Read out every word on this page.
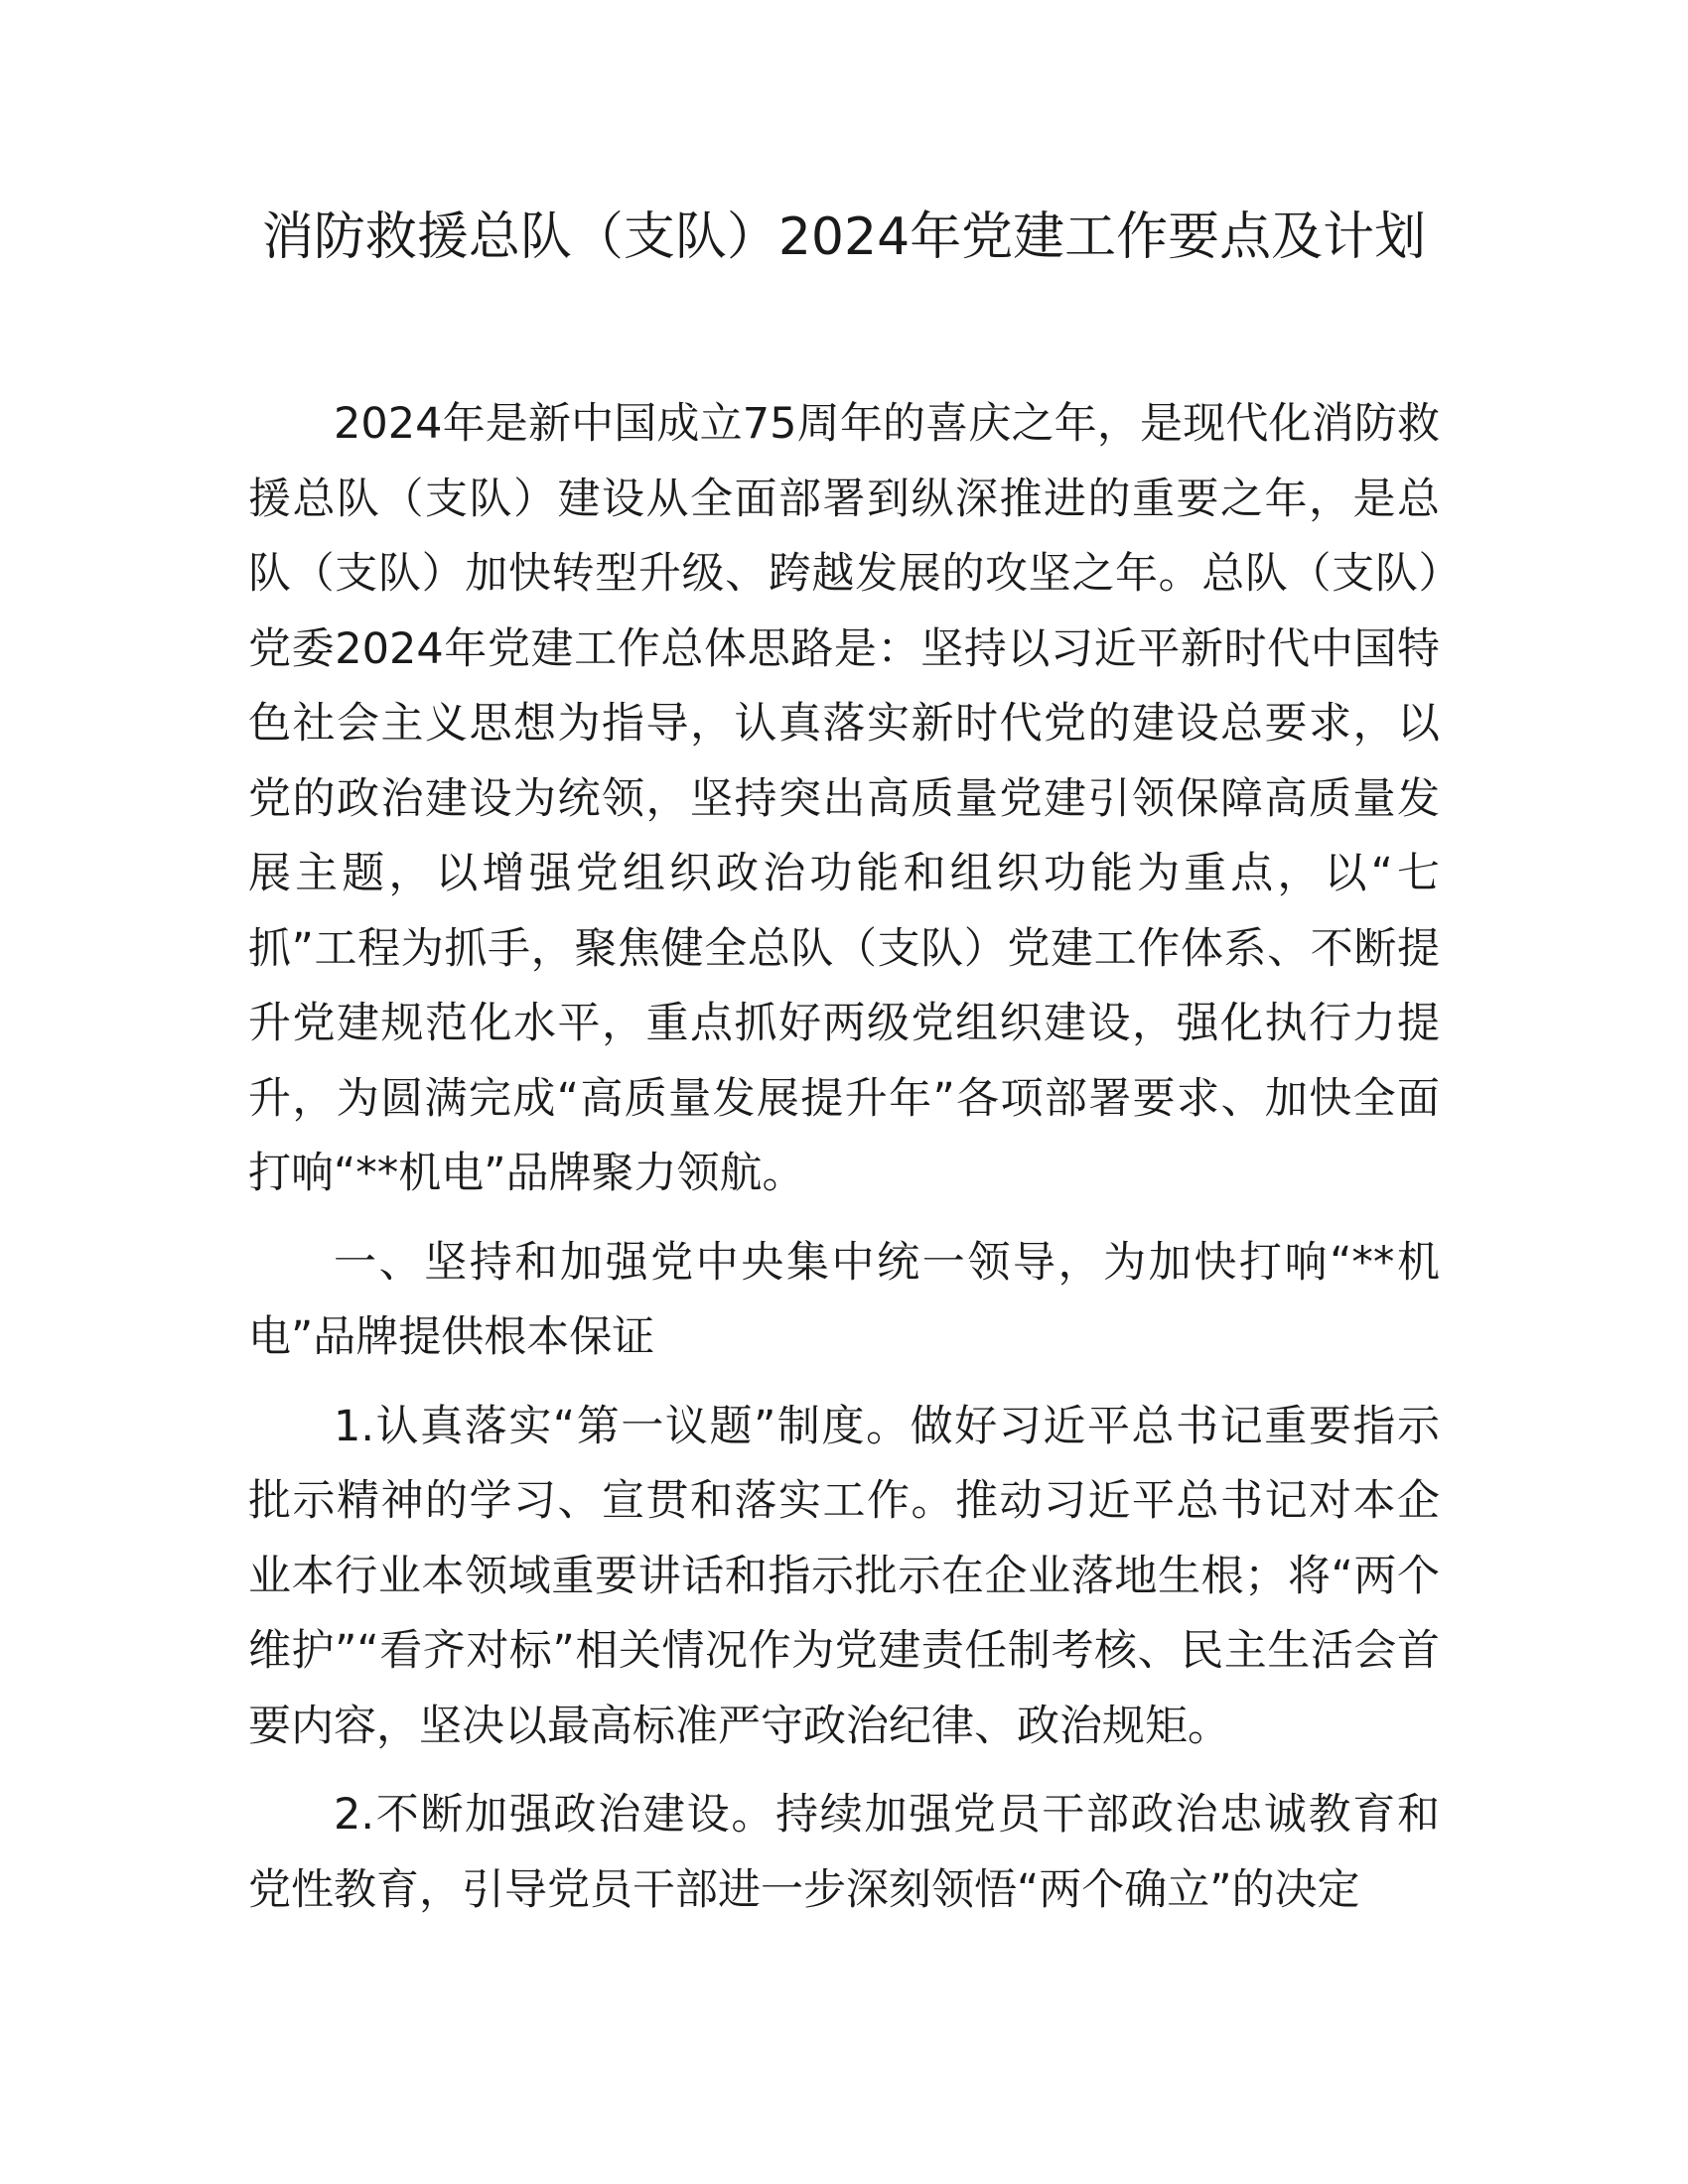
消防救援总队（支队）2024年党建工作要点及计划

2024年是新中国成立75周年的喜庆之年，是现代化消防救援总队（支队）建设从全面部署到纵深推进的重要之年，是总队（支队）加快转型升级、跨越发展的攻坚之年。总队（支队）党委2024年党建工作总体思路是：坚持以习近平新时代中国特色社会主义思想为指导，认真落实新时代党的建设总要求，以党的政治建设为统领，坚持突出高质量党建引领保障高质量发展主题，以增强党组织政治功能和组织功能为重点，以“七抓”工程为抓手，聚焦健全总队（支队）党建工作体系、不断提升党建规范化水平，重点抓好两级党组织建设，强化执行力提升，为圆满完成“高质量发展提升年”各项部署要求、加快全面打响“**机电”品牌聚力领航。

一、坚持和加强党中央集中统一领导，为加快打响“**机电”品牌提供根本保证

1.认真落实“第一议题”制度。做好习近平总书记重要指示批示精神的学习、宣贯和落实工作。推动习近平总书记对本企业本行业本领域重要讲话和指示批示在企业落地生根；将“两个维护”“看齐对标”相关情况作为党建责任制考核、民主生活会首要内容，坚决以最高标准严守政治纪律、政治规矩。

2.不断加强政治建设。持续加强党员干部政治忠诚教育和党性教育，引导党员干部进一步深刻领悟“两个确立”的决定
